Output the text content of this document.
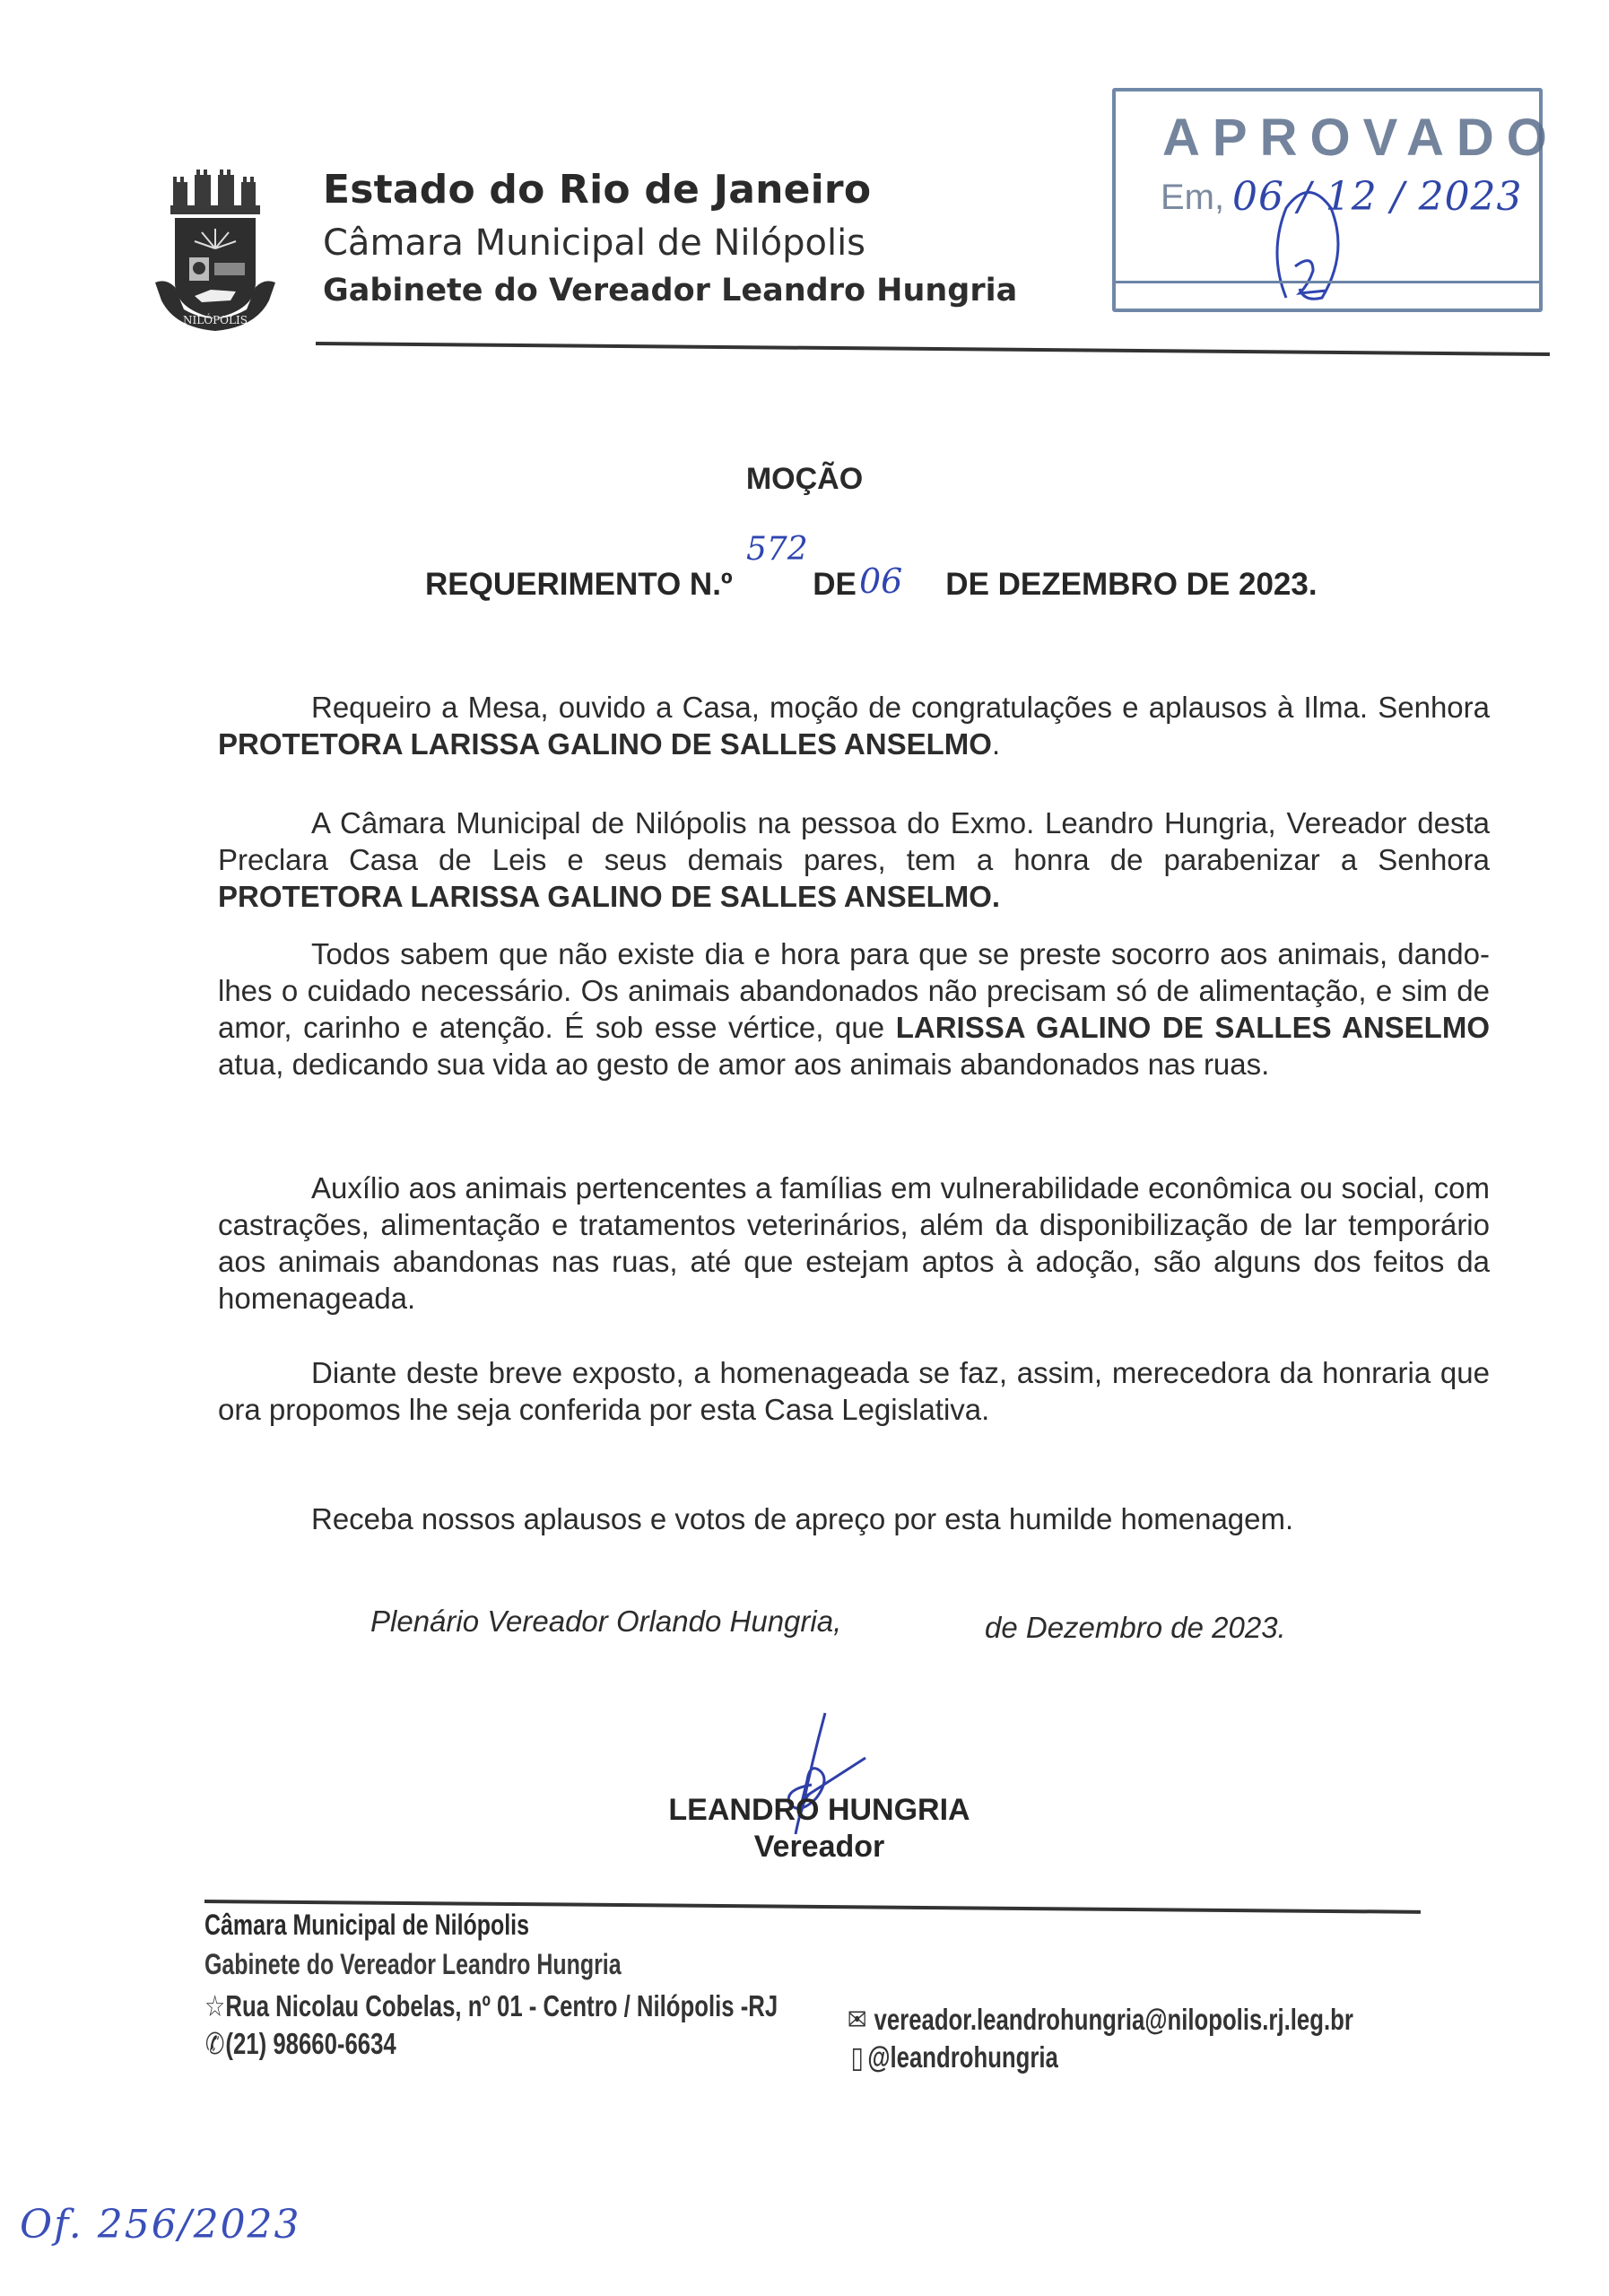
NILÓPOLIS
Estado do Rio de Janeiro
Câmara Municipal de Nilópolis
Gabinete do Vereador Leandro Hungria
APROVADO
Em, 06 / 12 / 2023
MOÇÃO
REQUERIMENTO N.º	DE	DE DEZEMBRO DE 2023.
572
06

Requeiro a Mesa, ouvido a Casa, moção de congratulações e aplausos à Ilma. Senhora PROTETORA LARISSA GALINO DE SALLES ANSELMO.

A Câmara Municipal de Nilópolis na pessoa do Exmo. Leandro Hungria, Vereador desta Preclara Casa de Leis e seus demais pares, tem a honra de parabenizar a Senhora PROTETORA LARISSA GALINO DE SALLES ANSELMO.

Todos sabem que não existe dia e hora para que se preste socorro aos animais, dando-lhes o cuidado necessário. Os animais abandonados não precisam só de alimentação, e sim de amor, carinho e atenção. É sob esse vértice, que LARISSA GALINO DE SALLES ANSELMO atua, dedicando sua vida ao gesto de amor aos animais abandonados nas ruas.

Auxílio aos animais pertencentes a famílias em vulnerabilidade econômica ou social, com castrações, alimentação e tratamentos veterinários, além da disponibilização de lar temporário aos animais abandonas nas ruas, até que estejam aptos à adoção, são alguns dos feitos da homenageada.

Diante deste breve exposto, a homenageada se faz, assim, merecedora da honraria que ora propomos lhe seja conferida por esta Casa Legislativa.

Receba nossos aplausos e votos de apreço por esta humilde homenagem.

Plenário Vereador Orlando Hungria,	de Dezembro de 2023.
LEANDRO HUNGRIA
Vereador
Câmara Municipal de Nilópolis
Gabinete do Vereador Leandro Hungria
☆Rua Nicolau Cobelas, nº 01 - Centro / Nilópolis -RJ
✆(21) 98660-6634
✉ vereador.leandrohungria@nilopolis.rj.leg.br
▯ @leandrohungria
Of. 256/2023
